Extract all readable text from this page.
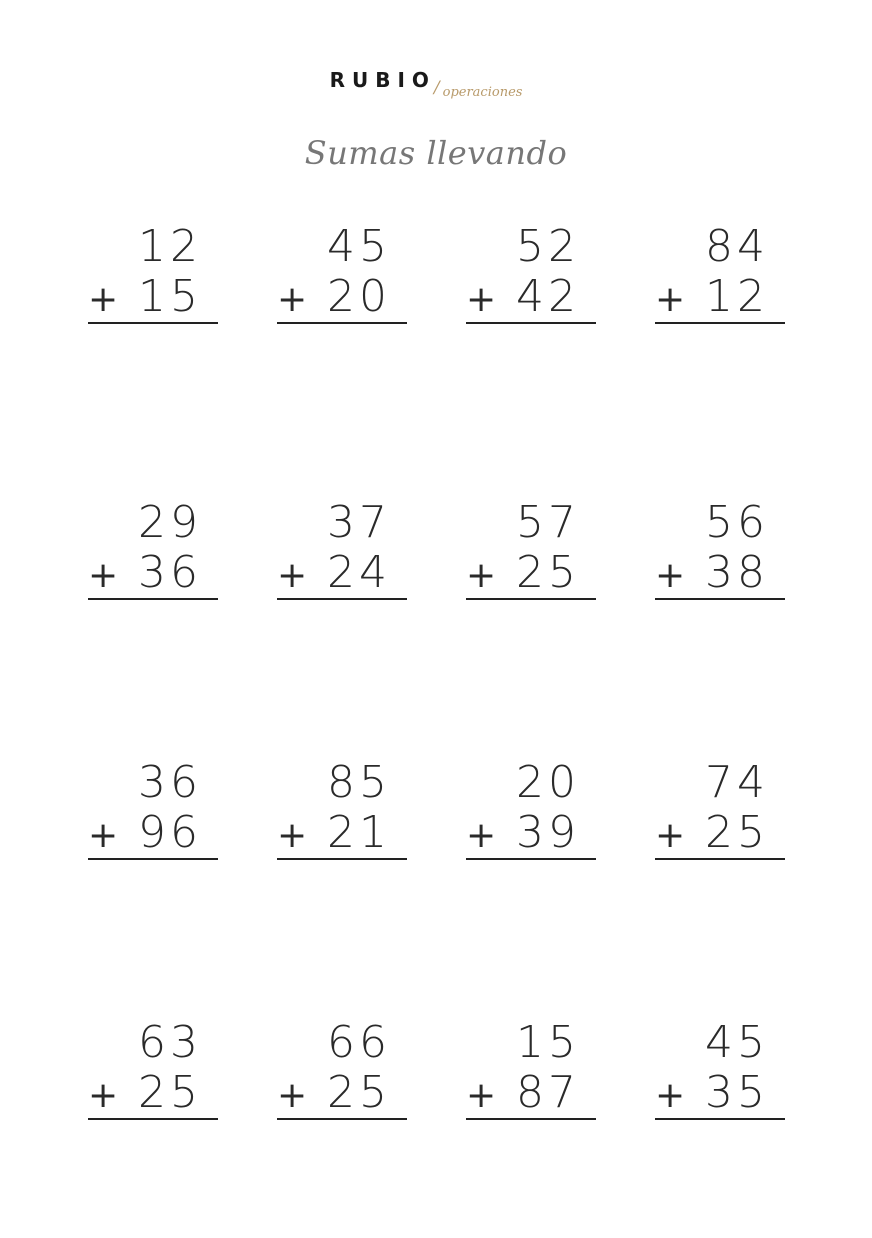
RUBIO/ $_{operaciones}$
Sumas llevando
12
+ 15
45
+ 20
52
+ 42
84
+ 12
29
+ 36
37
+ 24
57
+ 25
56
+ 38
36
+ 96
85
+ 21
20
+ 39
74
+ 25
63
+ 25
66
+ 25
15
+ 87
45
+ 35
